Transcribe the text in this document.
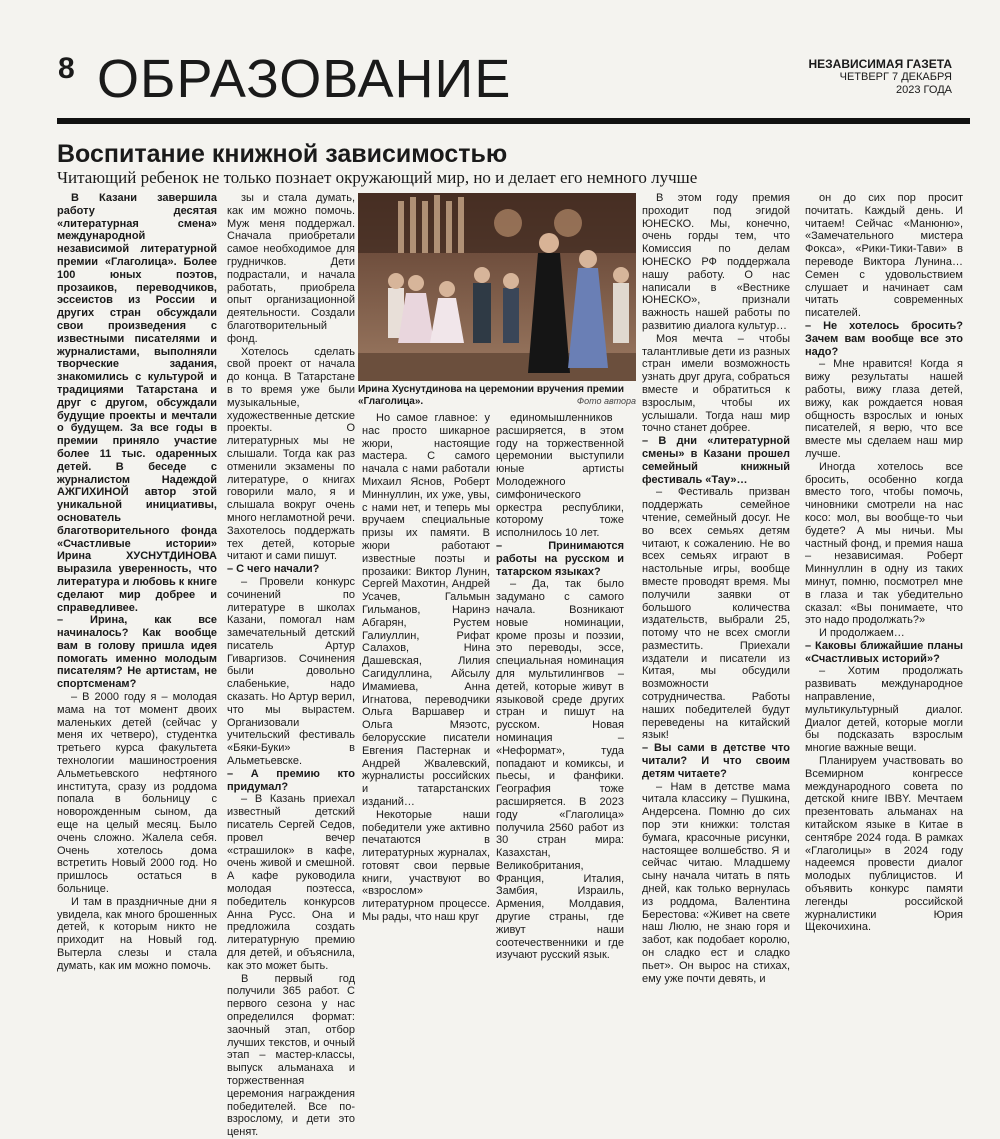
8 ОБРАЗОВАНИЕ	НЕЗАВИСИМАЯ ГАЗЕТА
ЧЕТВЕРГ 7 ДЕКАБРЯ
2023 ГОДА
Воспитание книжной зависимостью
Читающий ребенок не только познает окружающий мир, но и делает его немного лучше

В Казани завершила работу десятая «литературная смена» международной независимой литературной премии «Глаголица». Более 100 юных поэтов, прозаиков, переводчиков, эссеистов из России и других стран обсуждали свои произведения с известными писателями и журналистами, выполняли творческие задания, знакомились с культурой и традициями Татарстана и друг с другом, обсуждали будущие проекты и мечтали о будущем. За все годы в премии приняло участие более 11 тыс. одаренных детей. В беседе с журналистом Надеждой АЖГИХИНОЙ автор этой уникальной инициативы, основатель благотворительного фонда «Счастливые истории» Ирина ХУСНУТДИНОВА выразила уверенность, что литература и любовь к книге сделают мир добрее и справедливее.

– Ирина, как все начиналось? Как вообще вам в голову пришла идея помогать именно молодым писателям? Не артистам, не спортсменам?

– В 2000 году я – молодая мама на тот момент двоих маленьких детей (сейчас у меня их четверо), студентка третьего курса факультета технологии машиностроения Альметьевского нефтяного института, сразу из роддома попала в больницу с новорожденным сыном, да еще на целый месяц. Было очень сложно. Жалела себя. Очень хотелось дома встретить Новый 2000 год. Но пришлось остаться в больнице.

И там в праздничные дни я увидела, как много брошенных детей, к которым никто не приходит на Новый год. Вытерла слезы и стала думать, как им можно помочь.

зы и стала думать, как им можно помочь. Муж меня поддержал. Сначала приобретали самое необходимое для грудничков. Дети подрастали, и начала работать, приобрела опыт организационной деятельности. Создали благотворительный фонд.

Хотелось сделать свой проект от начала до конца. В Татарстане в то время уже были музыкальные, художественные детские проекты. О литературных мы не слышали. Тогда как раз отменили экзамены по литературе, о книгах говорили мало, я и слышала вокруг очень много негламотной речи. Захотелось поддержать тех детей, которые читают и сами пишут.

– С чего начали?

– Провели конкурс сочинений по литературе в школах Казани, помогал нам замечательный детский писатель Артур Гиваргизов. Сочинения были довольно слабенькие, надо сказать. Но Артур верил, что мы вырастем. Организовали учительский фестиваль «Бяки-Буки» в Альметьевске.

– А премию кто придумал?

– В Казань приехал известный детский писатель Сергей Седов, провел вечер «страшилок» в кафе, очень живой и смешной. А кафе руководила молодая поэтесса, победитель конкурсов Анна Русс. Она и предложила создать литературную премию для детей, и объяснила, как это может быть.

В первый год получили 365 работ. С первого сезона у нас определился формат: заочный этап, отбор лучших текстов, и очный этап – мастер-классы, выпуск альманаха и торжественная церемония награждения победителей. Все по-взрослому, и дети это ценят.

Ирина Хуснутдинова на церемонии вручения премии «Глаголица».	Фото автора

Но самое главное: у нас просто шикарное жюри, настоящие мастера. С самого начала с нами работали Михаил Яснов, Роберт Миннуллин, их уже, увы, с нами нет, и теперь мы вручаем специальные призы их памяти. В жюри работают известные поэты и прозаики: Виктор Лунин, Сергей Махотин, Андрей Усачев, Гальмын Гильманов, Наринэ Абгарян, Рустем Галиуллин, Рифат Салахов, Нина Дашевская, Лилия Сагидуллина, Айсылу Имамиева, Анна Игнатова, переводчики Ольга Варшавер и Ольга Мяэотс, белорусские писатели Евгения Пастернак и Андрей Жвалевский, журналисты российских и татарстанских изданий…

Некоторые наши победители уже активно печатаются в литературных журналах, готовят свои первые книги, участвуют во «взрослом» литературном процессе. Мы рады, что наш круг

единомышленников расширяется, в этом году на торжественной церемонии выступили юные артисты Молодежного симфонического оркестра республики, которому тоже исполнилось 10 лет.

– Принимаются работы на русском и татарском языках?

– Да, так было задумано с самого начала. Возникают новые номинации, кроме прозы и поэзии, это переводы, эссе, специальная номинация для мультилингвов – детей, которые живут в языковой среде других стран и пишут на русском. Новая номинация – «Неформат», туда попадают и комиксы, и пьесы, и фанфики. География тоже расширяется. В 2023 году «Глаголица» получила 2560 работ из 30 стран мира: Казахстан, Великобритания, Франция, Италия, Замбия, Израиль, Армения, Молдавия, другие страны, где живут наши соотечественники и где изучают русский язык.

В этом году премия проходит под эгидой ЮНЕСКО. Мы, конечно, очень горды тем, что Комиссия по делам ЮНЕСКО РФ поддержала нашу работу. О нас написали в «Вестнике ЮНЕСКО», признали важность нашей работы по развитию диалога культур…

Моя мечта – чтобы талантливые дети из разных стран имели возможность узнать друг друга, собраться вместе и обратиться к взрослым, чтобы их услышали. Тогда наш мир точно станет добрее.

– В дни «литературной смены» в Казани прошел семейный книжный фестиваль «Тау»…

– Фестиваль призван поддержать семейное чтение, семейный досуг. Не во всех семьях детям читают, к сожалению. Не во всех семьях играют в настольные игры, вообще вместе проводят время. Мы получили заявки от большого количества издательств, выбрали 25, потому что не всех смогли разместить. Приехали издатели и писатели из Китая, мы обсудили возможности сотрудничества. Работы наших победителей будут переведены на китайский язык!

– Вы сами в детстве что читали? И что своим детям читаете?

– Нам в детстве мама читала классику – Пушкина, Андерсена. Помню до сих пор эти книжки: толстая бумага, красочные рисунки, настоящее волшебство. Я и сейчас читаю. Младшему сыну начала читать в пять дней, как только вернулась из роддома, Валентина Берестова: «Живет на свете наш Люлю, не знаю горя и забот, как подобает королю, он сладко ест и сладко пьет». Он вырос на стихах, ему уже почти девять, и

он до сих пор просит почитать. Каждый день. И читаем! Сейчас «Манюню», «Замечательного мистера Фокса», «Рики-Тики-Тави» в переводе Виктора Лунина… Семен с удовольствием слушает и начинает сам читать современных писателей.

– Не хотелось бросить? Зачем вам вообще все это надо?

– Мне нравится! Когда я вижу результаты нашей работы, вижу глаза детей, вижу, как рождается новая общность взрослых и юных писателей, я верю, что все вместе мы сделаем наш мир лучше.

Иногда хотелось все бросить, особенно когда вместо того, чтобы помочь, чиновники смотрели на нас косо: мол, вы вообще-то чьи будете? А мы ничьи. Мы частный фонд, и премия наша – независимая. Роберт Миннуллин в одну из таких минут, помню, посмотрел мне в глаза и так убедительно сказал: «Вы понимаете, что это надо продолжать?»

И продолжаем…

– Каковы ближайшие планы «Счастливых историй»?

– Хотим продолжать развивать международное направление, мультикультурный диалог. Диалог детей, которые могли бы подсказать взрослым многие важные вещи.

Планируем участвовать во Всемирном конгрессе международного совета по детской книге IBBY. Мечтаем презентовать альманах на китайском языке в Китае в сентябре 2024 года. В рамках «Глаголицы» в 2024 году надеемся провести диалог молодых публицистов. И объявить конкурс памяти легенды российской журналистики Юрия Щекочихина.
